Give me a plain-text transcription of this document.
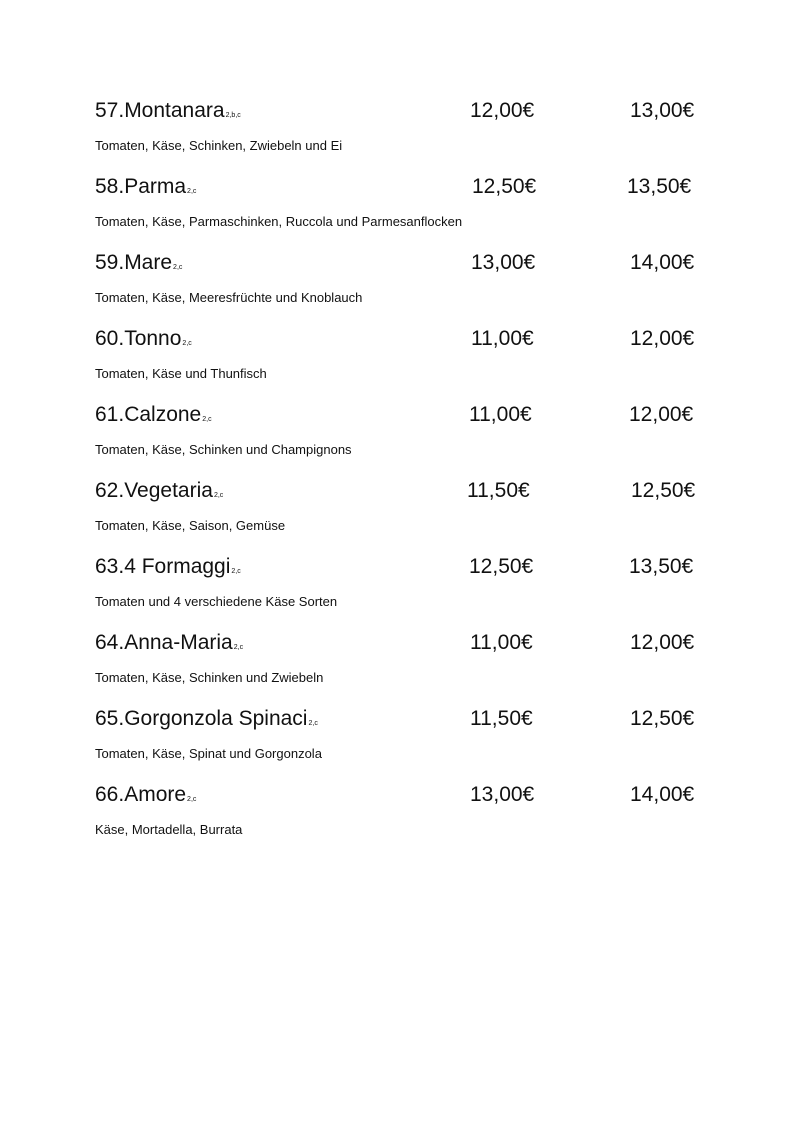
57.Montanara2,b,c	12,00€	13,00€
Tomaten, Käse, Schinken, Zwiebeln und Ei
58.Parma2,c	12,50€	13,50€
Tomaten, Käse, Parmaschinken, Ruccola und Parmesanflocken
59.Mare2,c	13,00€	14,00€
Tomaten, Käse, Meeresfrüchte und Knoblauch
60.Tonno2,c	11,00€	12,00€
Tomaten, Käse und Thunfisch
61.Calzone2,c	11,00€	12,00€
Tomaten, Käse, Schinken und Champignons
62.Vegetaria2,c	11,50€	12,50€
Tomaten, Käse, Saison, Gemüse
63.4 Formaggi2,c	12,50€	13,50€
Tomaten und 4 verschiedene Käse Sorten
64.Anna-Maria2,c	11,00€	12,00€
Tomaten, Käse, Schinken und Zwiebeln
65.Gorgonzola Spinaci2,c	11,50€	12,50€
Tomaten, Käse, Spinat und Gorgonzola
66.Amore2,c	13,00€	14,00€
Käse, Mortadella, Burrata
